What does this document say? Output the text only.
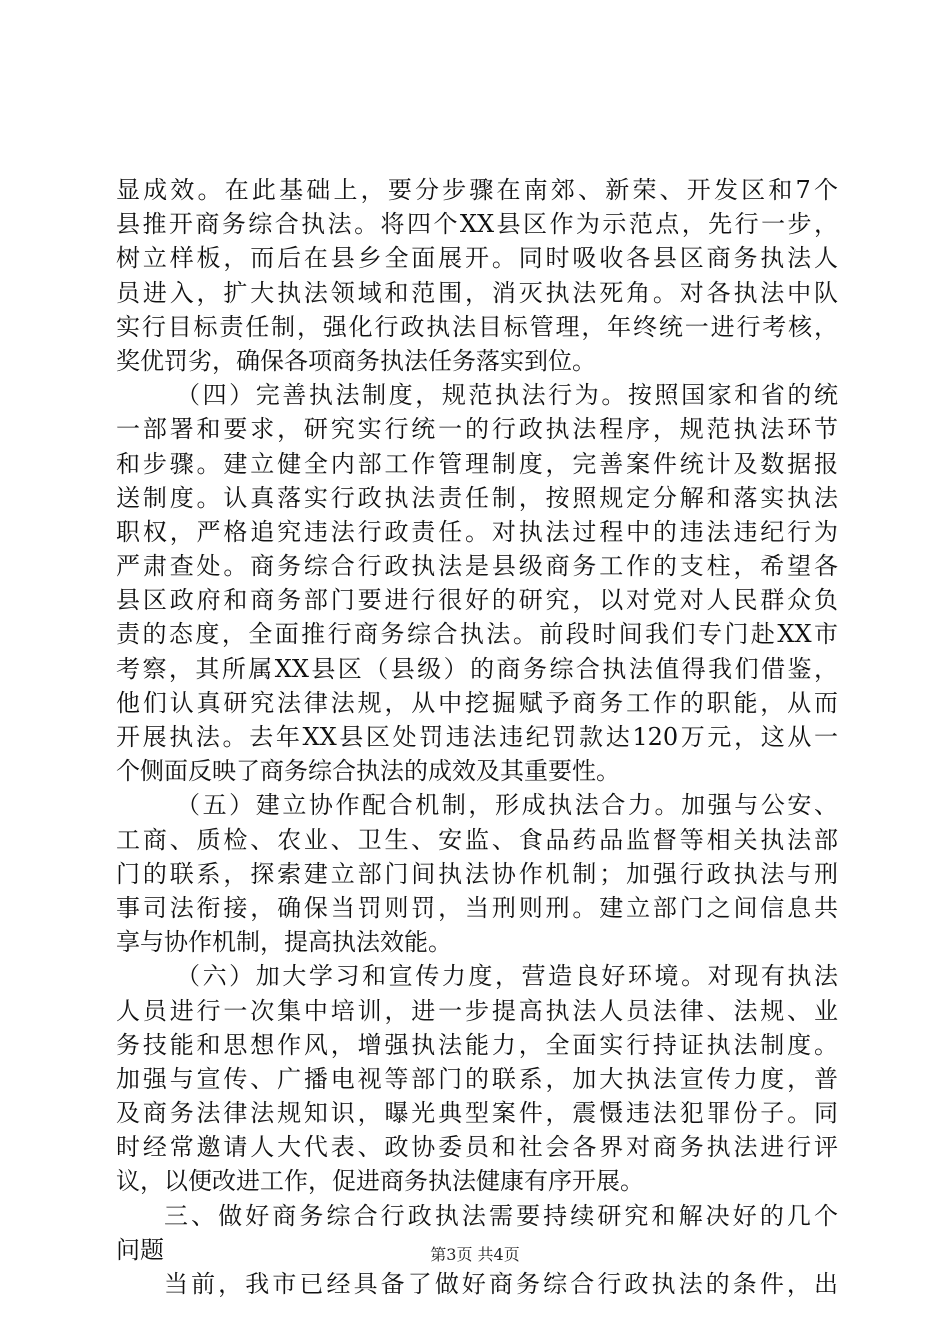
显成效。在此基础上，要分步骤在南郊、新荣、开发区和7个
县推开商务综合执法。将四个XX县区作为示范点，先行一步，
树立样板，而后在县乡全面展开。同时吸收各县区商务执法人
员进入，扩大执法领域和范围，消灭执法死角。对各执法中队
实行目标责任制，强化行政执法目标管理，年终统一进行考核，
奖优罚劣，确保各项商务执法任务落实到位。
（四）完善执法制度，规范执法行为。按照国家和省的统
一部署和要求，研究实行统一的行政执法程序，规范执法环节
和步骤。建立健全内部工作管理制度，完善案件统计及数据报
送制度。认真落实行政执法责任制，按照规定分解和落实执法
职权，严格追究违法行政责任。对执法过程中的违法违纪行为
严肃查处。商务综合行政执法是县级商务工作的支柱，希望各
县区政府和商务部门要进行很好的研究，以对党对人民群众负
责的态度，全面推行商务综合执法。前段时间我们专门赴XX市
考察，其所属XX县区（县级）的商务综合执法值得我们借鉴，
他们认真研究法律法规，从中挖掘赋予商务工作的职能，从而
开展执法。去年XX县区处罚违法违纪罚款达120万元，这从一
个侧面反映了商务综合执法的成效及其重要性。
（五）建立协作配合机制，形成执法合力。加强与公安、
工商、质检、农业、卫生、安监、食品药品监督等相关执法部
门的联系，探索建立部门间执法协作机制；加强行政执法与刑
事司法衔接，确保当罚则罚，当刑则刑。建立部门之间信息共
享与协作机制，提高执法效能。
（六）加大学习和宣传力度，营造良好环境。对现有执法
人员进行一次集中培训，进一步提高执法人员法律、法规、业
务技能和思想作风，增强执法能力，全面实行持证执法制度。
加强与宣传、广播电视等部门的联系，加大执法宣传力度，普
及商务法律法规知识，曝光典型案件，震慑违法犯罪份子。同
时经常邀请人大代表、政协委员和社会各界对商务执法进行评
议，以便改进工作，促进商务执法健康有序开展。
三、做好商务综合行政执法需要持续研究和解决好的几个
问题
当前，我市已经具备了做好商务综合行政执法的条件，出
第3页 共4页
